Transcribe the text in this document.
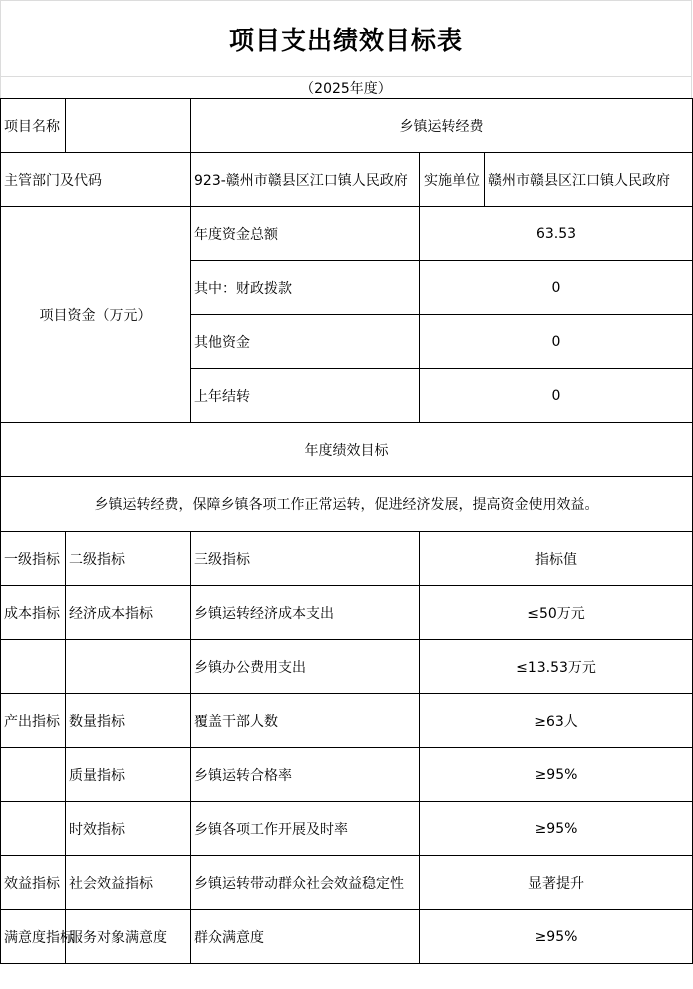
项目支出绩效目标表
（2025年度）
项目名称		乡镇运转经费		
主管部门及代码		923-赣州市赣县区江口镇人民政府	实施单位	赣州市赣县区江口镇人民政府
项目资金（万元）		年度资金总额	63.53	
		其中：财政拨款	0	
		其他资金	0	
		上年结转	0	
年度绩效目标				
乡镇运转经费，保障乡镇各项工作正常运转，促进经济发展，提高资金使用效益。				
一级指标	二级指标	三级指标	指标值	
成本指标	经济成本指标	乡镇运转经济成本支出	≤50万元	
		乡镇办公费用支出	≤13.53万元	
产出指标	数量指标	覆盖干部人数	≥63人	
	质量指标	乡镇运转合格率	≥95%	
	时效指标	乡镇各项工作开展及时率	≥95%	
效益指标	社会效益指标	乡镇运转带动群众社会效益稳定性	显著提升	
满意度指标	服务对象满意度	群众满意度	≥95%	
